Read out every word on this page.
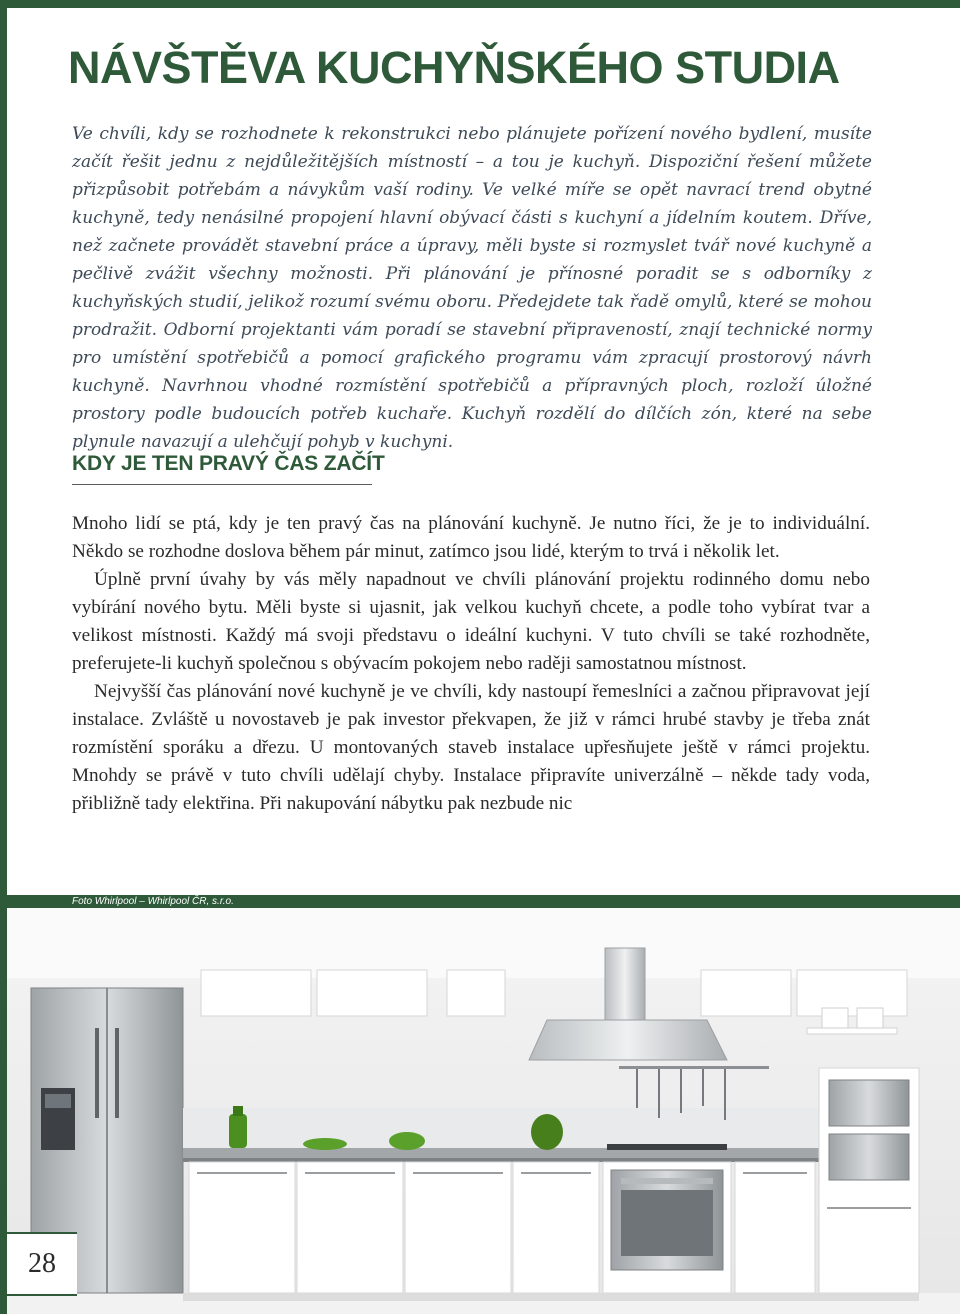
NÁVŠTĚVA KUCHYŇSKÉHO STUDIA

Ve chvíli, kdy se rozhodnete k rekonstrukci nebo plánujete pořízení nového bydlení, musíte začít řešit jednu z nejdůležitějších místností – a tou je kuchyň. Dispoziční řešení můžete přizpůsobit potřebám a návykům vaší rodiny. Ve velké míře se opět navrací trend obytné kuchyně, tedy nenásilné propojení hlavní obývací části s kuchyní a jídelním koutem. Dříve, než začnete provádět stavební práce a úpravy, měli byste si rozmyslet tvář nové kuchyně a pečlivě zvážit všechny možnosti. Při plánování je přínosné poradit se s odborníky z kuchyňských studií, jelikož rozumí svému oboru. Předejdete tak řadě omylů, které se mohou prodražit. Odborní projektanti vám poradí se stavební připraveností, znají technické normy pro umístění spotřebičů a pomocí grafického programu vám zpracují prostorový návrh kuchyně. Navrhnou vhodné rozmístění spotřebičů a přípravných ploch, rozloží úložné prostory podle budoucích potřeb kuchaře. Kuchyň rozdělí do dílčích zón, které na sebe plynule navazují a ulehčují pohyb v kuchyni.

KDY JE TEN PRAVÝ ČAS ZAČÍT

Mnoho lidí se ptá, kdy je ten pravý čas na plánování kuchyně. Je nutno říci, že je to individuální. Někdo se rozhodne doslova během pár minut, zatímco jsou lidé, kterým to trvá i několik let.

Úplně první úvahy by vás měly napadnout ve chvíli plánování projektu rodinného domu nebo vybírání nového bytu. Měli byste si ujasnit, jak velkou kuchyň chcete, a podle toho vybírat tvar a velikost místnosti. Každý má svoji představu o ideální kuchyni. V tuto chvíli se také rozhodněte, preferujete-li kuchyň společnou s obývacím pokojem nebo raději samostatnou místnost.

Nejvyšší čas plánování nové kuchyně je ve chvíli, kdy nastoupí řemeslníci a začnou připravovat její instalace. Zvláště u novostaveb je pak investor překvapen, že již v rámci hrubé stavby je třeba znát rozmístění sporáku a dřezu. U montovaných staveb instalace upřesňujete ještě v rámci projektu. Mnohdy se právě v tuto chvíli udělají chyby. Instalace připravíte univerzálně – někde tady voda, přibližně tady elektřina. Při nakupování nábytku pak nezbude nic

Foto Whirlpool – Whirlpool ČR, s.r.o.
28
